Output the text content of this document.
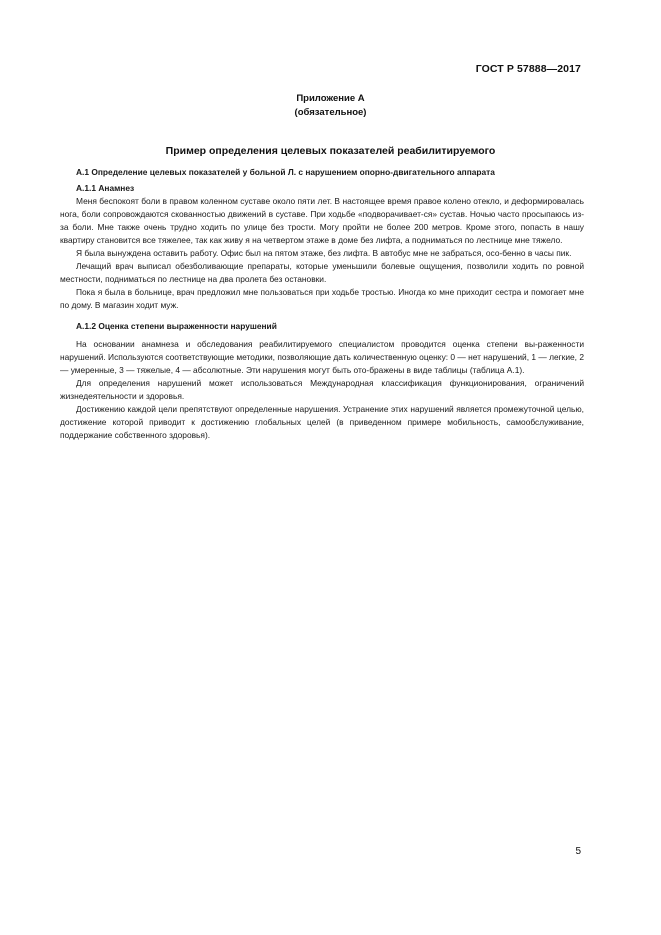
ГОСТ Р 57888—2017
Приложение А
(обязательное)
Пример определения целевых показателей реабилитируемого

А.1 Определение целевых показателей у больной Л. с нарушением опорно-двигательного аппарата

А.1.1 Анамнез

Меня беспокоят боли в правом коленном суставе около пяти лет. В настоящее время правое колено отекло, и деформировалась нога, боли сопровождаются скованностью движений в суставе. При ходьбе «подворачивает-ся» сустав. Ночью часто просыпаюсь из-за боли. Мне также очень трудно ходить по улице без трости. Могу пройти не более 200 метров. Кроме этого, попасть в нашу квартиру становится все тяжелее, так как живу я на четвертом этаже в доме без лифта, а подниматься по лестнице мне тяжело.

Я была вынуждена оставить работу. Офис был на пятом этаже, без лифта. В автобус мне не забраться, осо-бенно в часы пик.

Лечащий врач выписал обезболивающие препараты, которые уменьшили болевые ощущения, позволили ходить по ровной местности, подниматься по лестнице на два пролета без остановки.

Пока я была в больнице, врач предложил мне пользоваться при ходьбе тростью. Иногда ко мне приходит сестра и помогает мне по дому. В магазин ходит муж.

А.1.2 Оценка степени выраженности нарушений

На основании анамнеза и обследования реабилитируемого специалистом проводится оценка степени вы-раженности нарушений. Используются соответствующие методики, позволяющие дать количественную оценку: 0 — нет нарушений, 1 — легкие, 2 — умеренные, 3 — тяжелые, 4 — абсолютные. Эти нарушения могут быть ото-бражены в виде таблицы (таблица А.1).

Для определения нарушений может использоваться Международная классификация функционирования, ограничений жизнедеятельности и здоровья.

Достижению каждой цели препятствуют определенные нарушения. Устранение этих нарушений является промежуточной целью, достижение которой приводит к достижению глобальных целей (в приведенном примере мобильность, самообслуживание, поддержание собственного здоровья).

5
